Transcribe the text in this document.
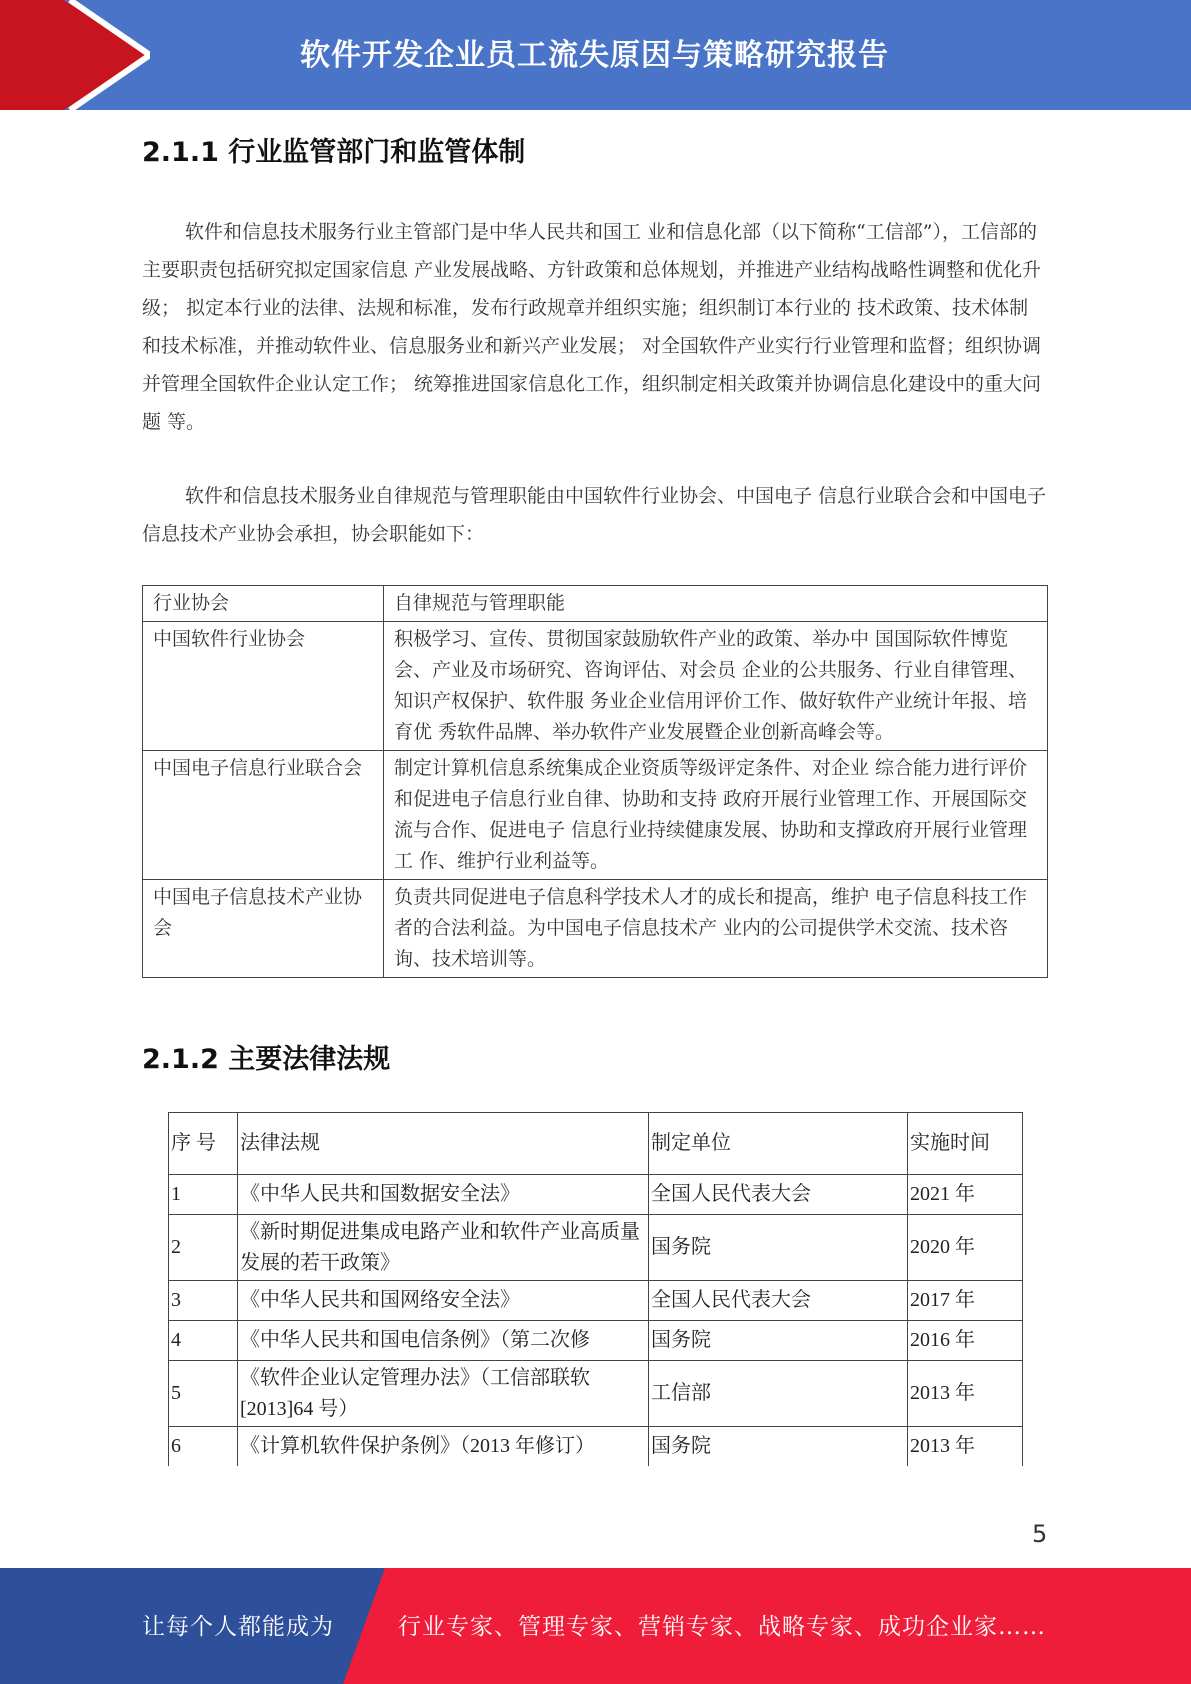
软件开发企业员工流失原因与策略研究报告
2.1.1 行业监管部门和监管体制
软件和信息技术服务行业主管部门是中华人民共和国工 业和信息化部（以下简称“工信部”），工信部的主要职责包括研究拟定国家信息 产业发展战略、方针政策和总体规划，并推进产业结构战略性调整和优化升级； 拟定本行业的法律、法规和标准，发布行政规章并组织实施；组织制订本行业的 技术政策、技术体制和技术标准，并推动软件业、信息服务业和新兴产业发展； 对全国软件产业实行行业管理和监督；组织协调并管理全国软件企业认定工作； 统筹推进国家信息化工作，组织制定相关政策并协调信息化建设中的重大问题 等。
软件和信息技术服务业自律规范与管理职能由中国软件行业协会、中国电子 信息行业联合会和中国电子信息技术产业协会承担，协会职能如下：
行业协会	自律规范与管理职能
中国软件行业协会	积极学习、宣传、贯彻国家鼓励软件产业的政策、举办中 国国际软件博览会、产业及市场研究、咨询评估、对会员 企业的公共服务、行业自律管理、知识产权保护、软件服 务业企业信用评价工作、做好软件产业统计年报、培育优 秀软件品牌、举办软件产业发展暨企业创新高峰会等。
中国电子信息行业联合会	制定计算机信息系统集成企业资质等级评定条件、对企业 综合能力进行评价和促进电子信息行业自律、协助和支持 政府开展行业管理工作、开展国际交流与合作、促进电子 信息行业持续健康发展、协助和支撑政府开展行业管理工 作、维护行业利益等。
中国电子信息技术产业协会	负责共同促进电子信息科学技术人才的成长和提高，维护 电子信息科技工作者的合法利益。为中国电子信息技术产 业内的公司提供学术交流、技术咨询、技术培训等。
2.1.2 主要法律法规
序 号	法律法规	制定单位	实施时间
1	《中华人民共和国数据安全法》	全国人民代表大会	2021 年
2	《新时期促进集成电路产业和软件产业高质量发展的若干政策》	国务院	2020 年
3	《中华人民共和国网络安全法》	全国人民代表大会	2017 年
4	《中华人民共和国电信条例》（第二次修	国务院	2016 年
5	《软件企业认定管理办法》（工信部联软[2013]64 号）	工信部	2013 年
6	《计算机软件保护条例》（2013 年修订）	国务院	2013 年
5
让每个人都能成为	行业专家、管理专家、营销专家、战略专家、成功企业家……
